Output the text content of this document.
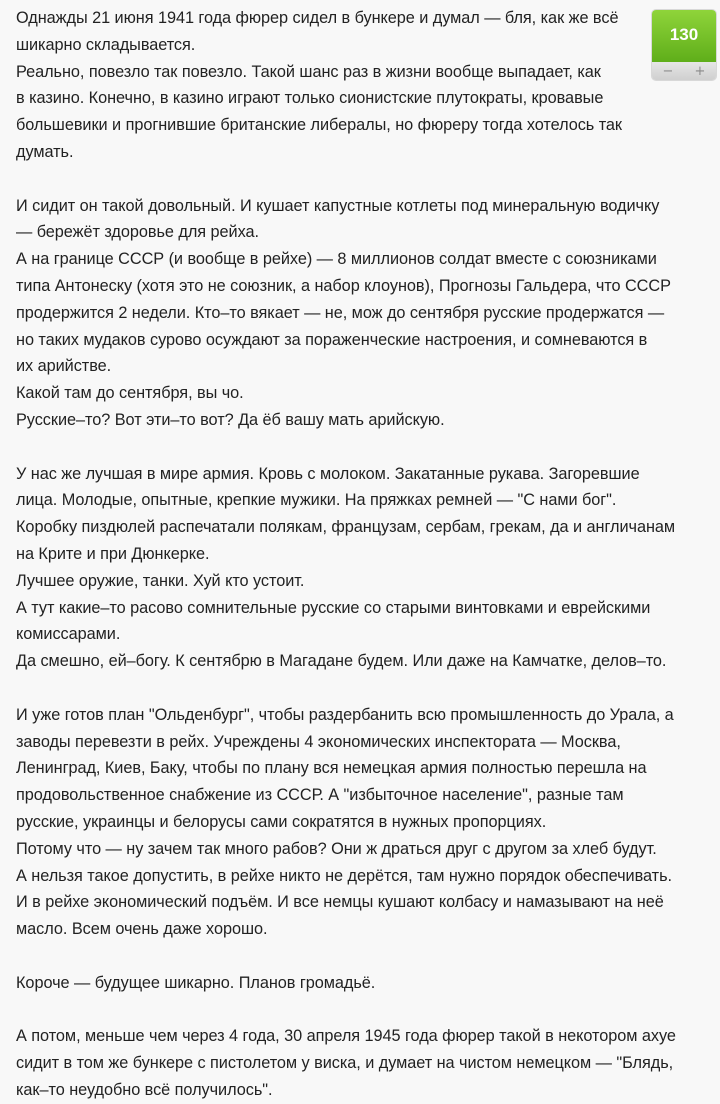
Однажды 21 июня 1941 года фюрер сидел в бункере и думал — бля, как же всё
шикарно складывается.
Реально, повезло так повезло. Такой шанс раз в жизни вообще выпадает, как
в казино. Конечно, в казино играют только сионистские плутократы, кровавые
большевики и прогнившие британские либералы, но фюреру тогда хотелось так
думать.
И сидит он такой довольный. И кушает капустные котлеты под минеральную водичку
— бережёт здоровье для рейха.
А на границе СССР (и вообще в рейхе) — 8 миллионов солдат вместе с союзниками
типа Антонеску (хотя это не союзник, а набор клоунов), Прогнозы Гальдера, что СССР
продержится 2 недели. Кто–то вякает — не, мож до сентября русские продержатся —
но таких мудаков сурово осуждают за пораженческие настроения, и сомневаются в
их арийстве.
Какой там до сентября, вы чо.
Русские–то? Вот эти–то вот? Да ёб вашу мать арийскую.
У нас же лучшая в мире армия. Кровь с молоком. Закатанные рукава. Загоревшие
лица. Молодые, опытные, крепкие мужики. На пряжках ремней — "С нами бог".
Коробку пиздюлей распечатали полякам, французам, сербам, грекам, да и англичанам
на Крите и при Дюнкерке.
Лучшее оружие, танки. Хуй кто устоит.
А тут какие–то расово сомнительные русские со старыми винтовками и еврейскими
комиссарами.
Да смешно, ей–богу. К сентябрю в Магадане будем. Или даже на Камчатке, делов–то.
И уже готов план "Ольденбург", чтобы раздербанить всю промышленность до Урала, а
заводы перевезти в рейх. Учреждены 4 экономических инспектората — Москва,
Ленинград, Киев, Баку, чтобы по плану вся немецкая армия полностью перешла на
продовольственное снабжение из СССР. А "избыточное население", разные там
русские, украинцы и белорусы сами сократятся в нужных пропорциях.
Потому что — ну зачем так много рабов? Они ж драться друг с другом за хлеб будут.
А нельзя такое допустить, в рейхе никто не дерётся, там нужно порядок обеспечивать.
И в рейхе экономический подъём. И все немцы кушают колбасу и намазывают на неё
масло. Всем очень даже хорошо.
Короче — будущее шикарно. Планов громадьё.
А потом, меньше чем через 4 года, 30 апреля 1945 года фюрер такой в некотором ахуе
сидит в том же бункере с пистолетом у виска, и думает на чистом немецком — "Блядь,
как–то неудобно всё получилось".
130
−	+
